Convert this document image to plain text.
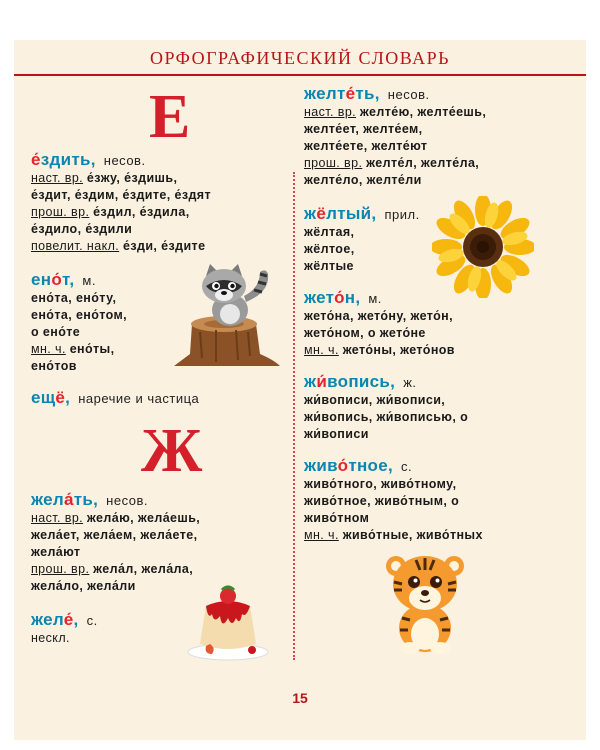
ОРФОГРАФИЧЕСКИЙ СЛОВАРЬ
Е
е́здить, несов.
наст. вр. е́зжу, е́здишь,
е́здит, е́здим, е́здите, е́здят
прош. вр. е́здил, е́здила,
е́здило, е́здили
повелит. накл. е́зди, е́здите
ено́т, м.
ено́та, ено́ту,
ено́та, ено́том,
о ено́те
мн. ч. ено́ты,
ено́тов
ещё, наречие и частица
Ж
жела́ть, несов.
наст. вр. жела́ю, жела́ешь,
жела́ет, жела́ем, жела́ете,
жела́ют
прош. вр. жела́л, жела́ла,
жела́ло, жела́ли
желе́, с.
нескл.
желте́ть, несов.
наст. вр. желте́ю, желте́ешь,
желте́ет, желте́ем,
желте́ете, желте́ют
прош. вр. желте́л, желте́ла,
желте́ло, желте́ли
жёлтый, прил.
жёлтая,
жёлтое,
жёлтые
жето́н, м.
жето́на, жето́ну, жето́н,
жето́ном, о жето́не
мн. ч. жето́ны, жето́нов
жи́вопись, ж.
жи́вописи, жи́вописи,
жи́вопись, жи́вописью, о
жи́вописи
живо́тное, с.
живо́тного, живо́тному,
живо́тное, живо́тным, о
живо́тном
мн. ч. живо́тные, живо́тных
15
